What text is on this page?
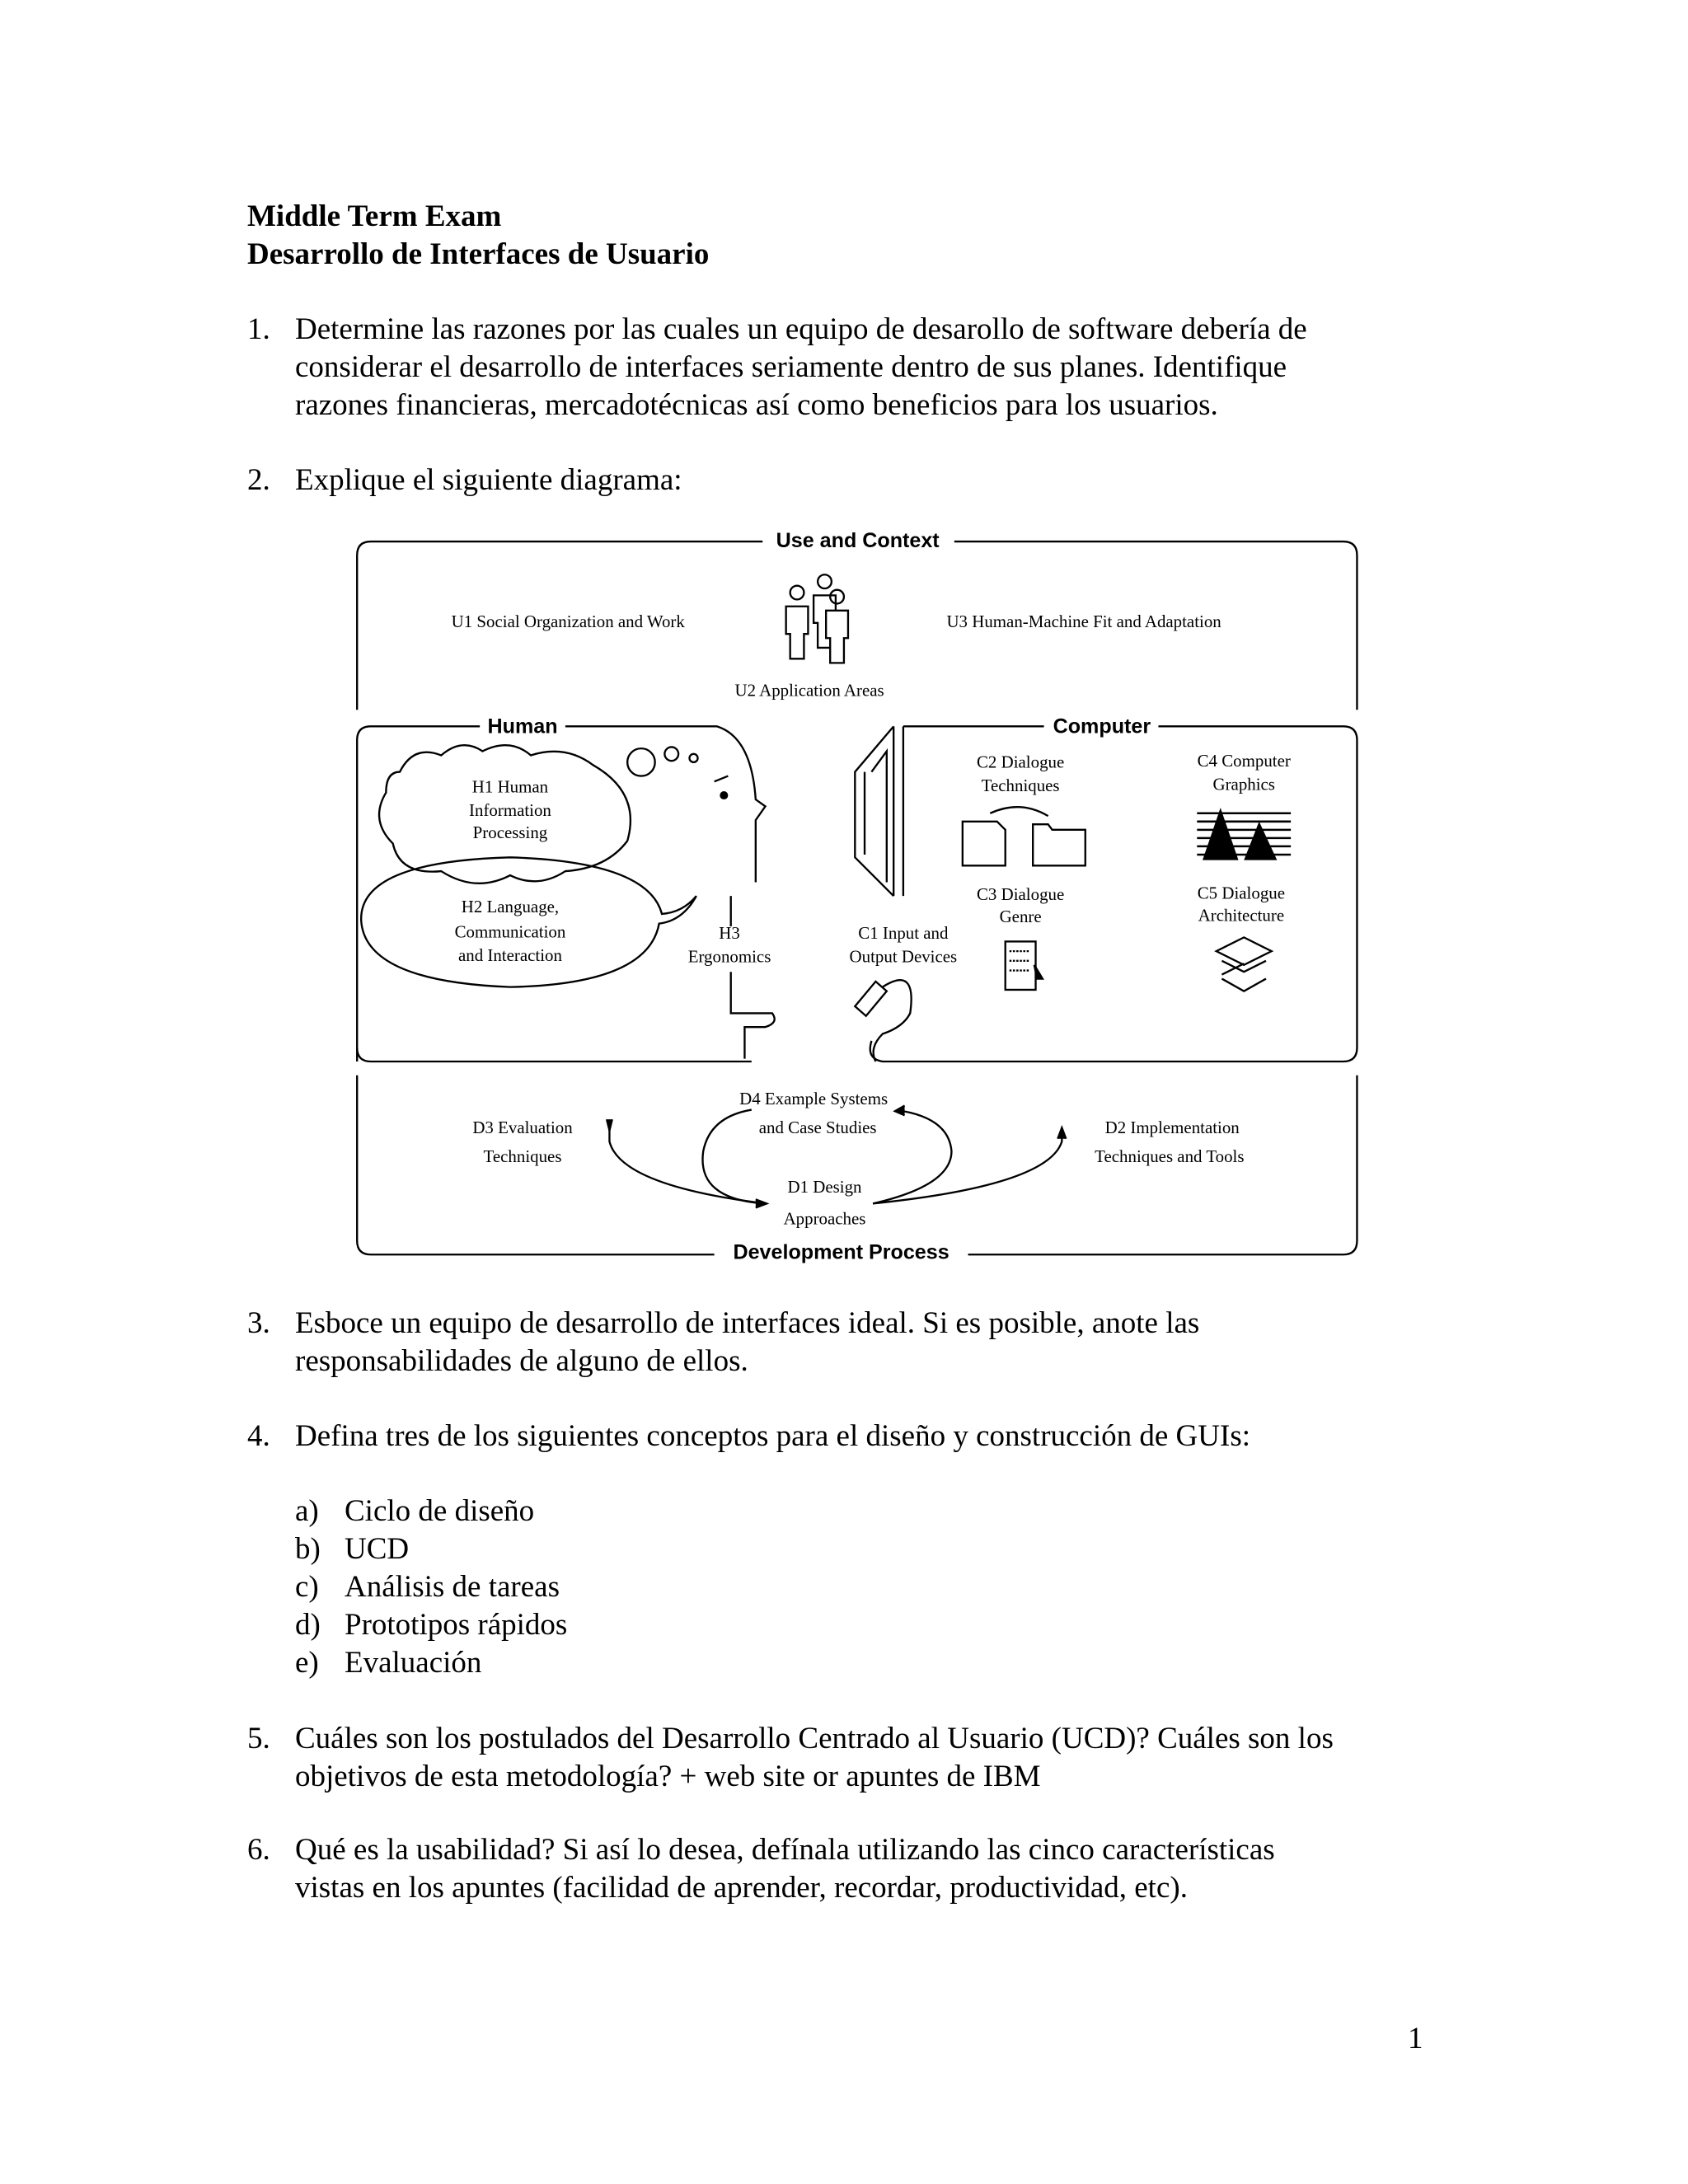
Middle Term Exam
Desarrollo de Interfaces de Usuario
1. Determine las razones por las cuales un equipo de desarollo de software debería de
considerar el desarrollo de interfaces seriamente dentro de sus planes. Identifique
razones financieras, mercadotécnicas así como beneficios para los usuarios.
2. Explique el siguiente diagrama:
Use and Context
U1 Social Organization and Work	U3 Human-Machine Fit and Adaptation
U2 Application Areas
Human
H1 Human
Information
Processing
H2 Language,
Communication
and Interaction
H3
Ergonomics
Computer
C2 Dialogue
Techniques
C4 Computer
Graphics
C3 Dialogue
Genre
C5 Dialogue
Architecture
C1 Input and
Output Devices
Development Process
D4 Example Systems
and Case Studies
D3 Evaluation
Techniques
D2 Implementation
Techniques and Tools
D1 Design
Approaches
3. Esboce un equipo de desarrollo de interfaces ideal. Si es posible, anote las
responsabilidades de alguno de ellos.
4. Defina tres de los siguientes conceptos para el diseño y construcción de GUIs:
a) Ciclo de diseño
b) UCD
c) Análisis de tareas
d) Prototipos rápidos
e) Evaluación
5. Cuáles son los postulados del Desarrollo Centrado al Usuario (UCD)? Cuáles son los
objetivos de esta metodología? + web site or apuntes de IBM
6. Qué es la usabilidad? Si así lo desea, defínala utilizando las cinco características
vistas en los apuntes (facilidad de aprender, recordar, productividad, etc).
1
